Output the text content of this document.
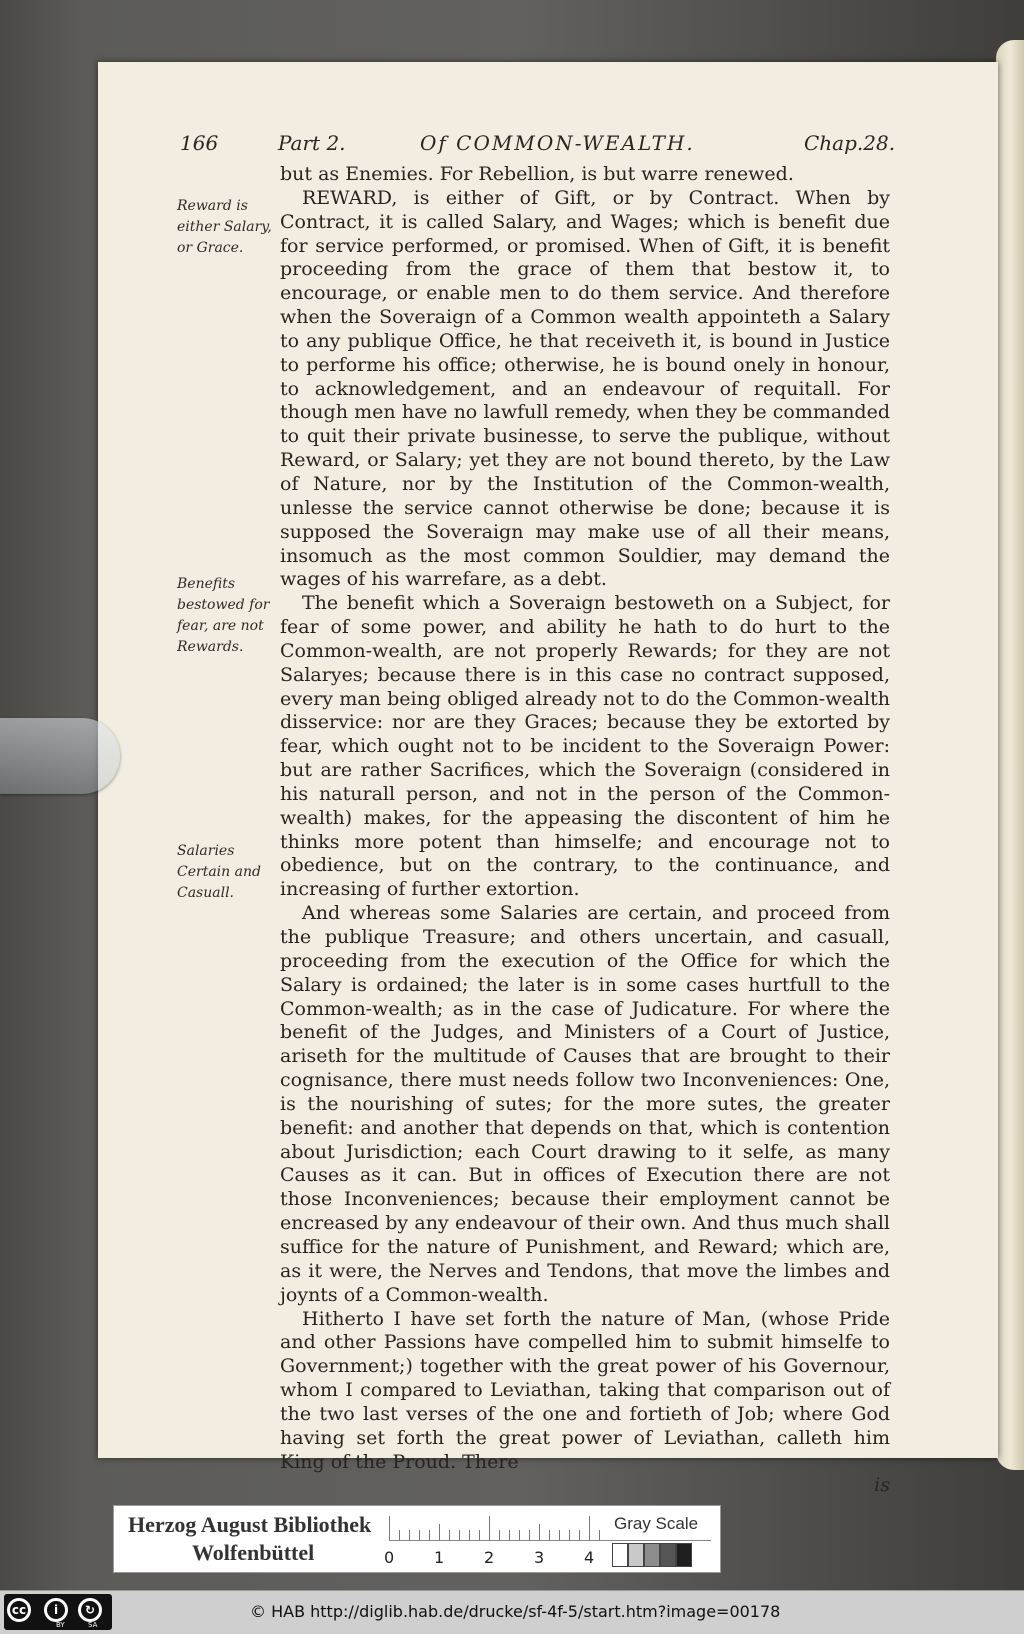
166	Part 2.	Of COMMON-WEALTH.	Chap.28.
Reward is either Salary, or Grace.
Benefits bestowed for fear, are not Rewards.
Salaries Certain and Casuall.

but as Enemies. For Rebellion, is but warre renewed.

REWARD, is either of Gift, or by Contract. When by Contract, it is called Salary, and Wages; which is benefit due for service performed, or promised. When of Gift, it is benefit proceeding from the grace of them that bestow it, to encourage, or enable men to do them service. And therefore when the Soveraign of a Common wealth appointeth a Salary to any publique Office, he that receiveth it, is bound in Justice to performe his office; otherwise, he is bound onely in honour, to acknowledgement, and an endeavour of requitall. For though men have no lawfull remedy, when they be commanded to quit their private businesse, to serve the publique, without Reward, or Salary; yet they are not bound thereto, by the Law of Nature, nor by the Institution of the Common-wealth, unlesse the service cannot otherwise be done; because it is supposed the Soveraign may make use of all their means, insomuch as the most common Souldier, may demand the wages of his warrefare, as a debt.

The benefit which a Soveraign bestoweth on a Subject, for fear of some power, and ability he hath to do hurt to the Common-wealth, are not properly Rewards; for they are not Salaryes; because there is in this case no contract supposed, every man being obliged already not to do the Common-wealth disservice: nor are they Graces; because they be extorted by fear, which ought not to be incident to the Soveraign Power: but are rather Sacrifices, which the Soveraign (considered in his naturall person, and not in the person of the Common-wealth) makes, for the appeasing the discontent of him he thinks more potent than himselfe; and encourage not to obedience, but on the contrary, to the continuance, and increasing of further extortion.

And whereas some Salaries are certain, and proceed from the publique Treasure; and others uncertain, and casuall, proceeding from the execution of the Office for which the Salary is ordained; the later is in some cases hurtfull to the Common-wealth; as in the case of Judicature. For where the benefit of the Judges, and Ministers of a Court of Justice, ariseth for the multitude of Causes that are brought to their cognisance, there must needs follow two Inconveniences: One, is the nourishing of sutes; for the more sutes, the greater benefit: and another that depends on that, which is contention about Jurisdiction; each Court drawing to it selfe, as many Causes as it can. But in offices of Execution there are not those Inconveniences; because their employment cannot be encreased by any endeavour of their own. And thus much shall suffice for the nature of Punishment, and Reward; which are, as it were, the Nerves and Tendons, that move the limbes and joynts of a Common-wealth.

Hitherto I have set forth the nature of Man, (whose Pride and other Passions have compelled him to submit himselfe to Government;) together with the great power of his Governour, whom I compared to Leviathan, taking that comparison out of the two last verses of the one and fortieth of Job; where God having set forth the great power of Leviathan, calleth him King of the Proud. There

is

Herzog August Bibliothek
Wolfenbüttel	0 1 2 3 4
Gray Scale
cc	i	↻
BY	SA
© HAB http://diglib.hab.de/drucke/sf-4f-5/start.htm?image=00178
